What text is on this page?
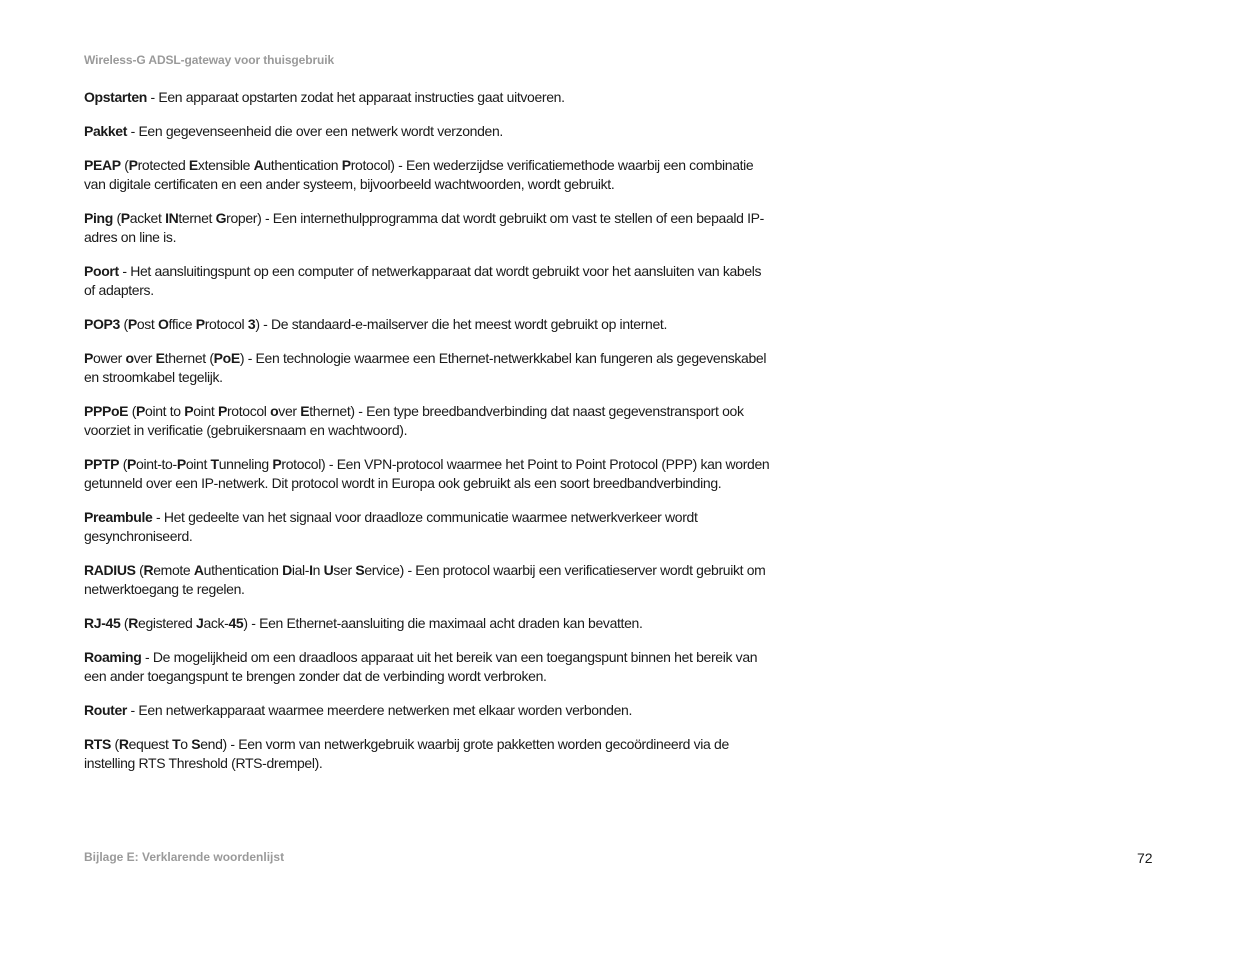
Wireless-G ADSL-gateway voor thuisgebruik

Opstarten - Een apparaat opstarten zodat het apparaat instructies gaat uitvoeren.

Pakket - Een gegevenseenheid die over een netwerk wordt verzonden.

PEAP (Protected Extensible Authentication Protocol) - Een wederzijdse verificatiemethode waarbij een combinatie van digitale certificaten en een ander systeem, bijvoorbeeld wachtwoorden, wordt gebruikt.

Ping (Packet INternet Groper) - Een internethulpprogramma dat wordt gebruikt om vast te stellen of een bepaald IP-adres on line is.

Poort - Het aansluitingspunt op een computer of netwerkapparaat dat wordt gebruikt voor het aansluiten van kabels of adapters.

POP3 (Post Office Protocol 3) - De standaard-e-mailserver die het meest wordt gebruikt op internet.

Power over Ethernet (PoE) - Een technologie waarmee een Ethernet-netwerkkabel kan fungeren als gegevenskabel en stroomkabel tegelijk.

PPPoE (Point to Point Protocol over Ethernet) - Een type breedbandverbinding dat naast gegevenstransport ook voorziet in verificatie (gebruikersnaam en wachtwoord).

PPTP (Point-to-Point Tunneling Protocol) - Een VPN-protocol waarmee het Point to Point Protocol (PPP) kan worden getunneld over een IP-netwerk. Dit protocol wordt in Europa ook gebruikt als een soort breedbandverbinding.

Preambule - Het gedeelte van het signaal voor draadloze communicatie waarmee netwerkverkeer wordt gesynchroniseerd.

RADIUS (Remote Authentication Dial-In User Service) - Een protocol waarbij een verificatieserver wordt gebruikt om netwerktoegang te regelen.

RJ-45 (Registered Jack-45) - Een Ethernet-aansluiting die maximaal acht draden kan bevatten.

Roaming - De mogelijkheid om een draadloos apparaat uit het bereik van een toegangspunt binnen het bereik van een ander toegangspunt te brengen zonder dat de verbinding wordt verbroken.

Router - Een netwerkapparaat waarmee meerdere netwerken met elkaar worden verbonden.

RTS (Request To Send) - Een vorm van netwerkgebruik waarbij grote pakketten worden gecoördineerd via de instelling RTS Threshold (RTS-drempel).

Bijlage E: Verklarende woordenlijst	72
